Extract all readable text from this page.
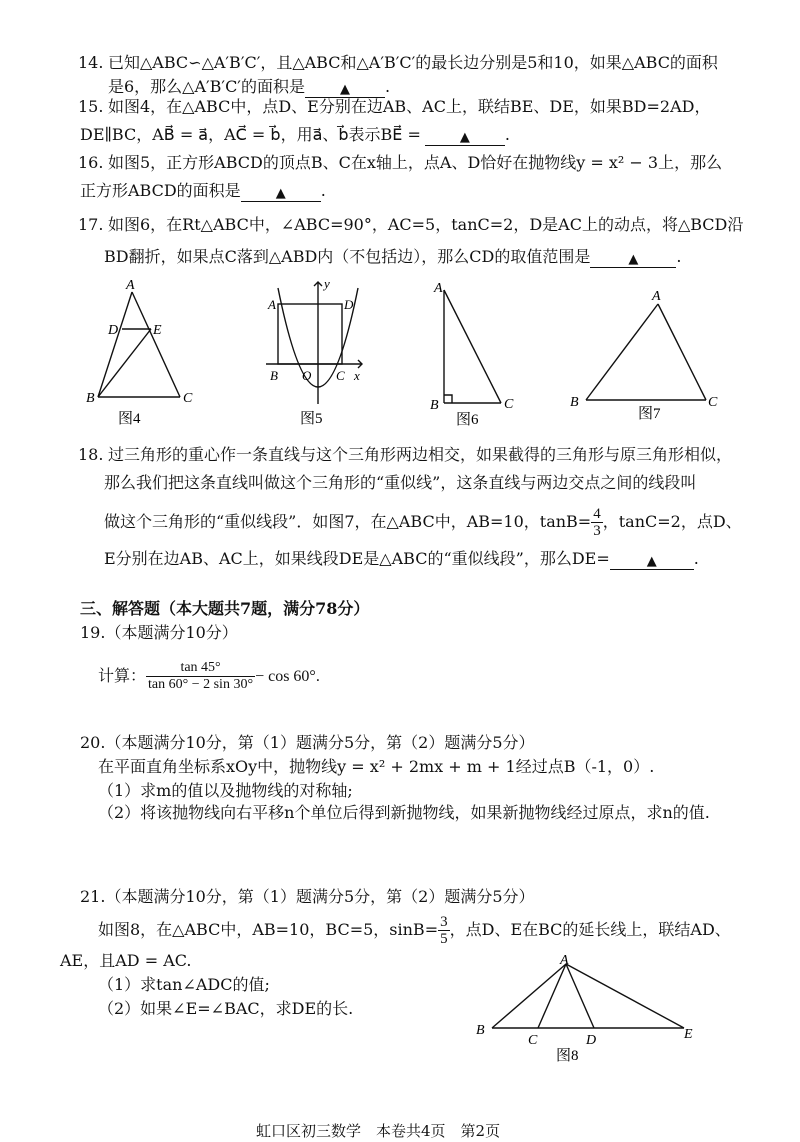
14. 已知△ABC∽△A′B′C′，且△ABC和△A′B′C′的最长边分别是5和10，如果△ABC的面积
是6，那么△A′B′C′的面积是	▲ .
15. 如图4，在△ABC中，点D、E分别在边AB、AC上，联结BE、DE，如果BD=2AD，
DE∥BC，AB⃗ = a⃗，AC⃗ = b⃗，用a⃗、b⃗表示BE⃗ =	▲ .
16. 如图5，正方形ABCD的顶点B、C在x轴上，点A、D恰好在抛物线y = x² − 3上，那么
正方形ABCD的面积是	▲ .
17. 如图6，在Rt△ABC中，∠ABC=90°，AC=5，tanC=2，D是AC上的动点，将△BCD沿
BD翻折，如果点C落到△ABD内（不包括边），那么CD的取值范围是	▲ .
A
D E
B	C
图4
y
A	D
B O C x
图5
A
B	C
图6
A
B	C
图7
18. 过三角形的重心作一条直线与这个三角形两边相交，如果截得的三角形与原三角形相似，
那么我们把这条直线叫做这个三角形的“重似线”，这条直线与两边交点之间的线段叫
做这个三角形的“重似线段”．如图7，在△ABC中，AB=10，$\tan B= \frac{4}{3}$ ，tanC=2，点D、
E分别在边AB、AC上，如果线段DE是△ABC的“重似线段”，那么DE=	▲ .
三、解答题（本大题共7题，满分78分）
19.（本题满分10分）
计算： $\frac{\tan 45^\circ}{\tan 60^\circ - 2 \sin 30^\circ} - \cos 60^\circ$.
20.（本题满分10分，第（1）题满分5分，第（2）题满分5分）
在平面直角坐标系xOy中，抛物线y = x² + 2mx + m + 1经过点B（-1，0）.
（1）求m的值以及抛物线的对称轴;
（2）将该抛物线向右平移n个单位后得到新抛物线，如果新抛物线经过原点，求n的值.
21.（本题满分10分，第（1）题满分5分，第（2）题满分5分）
如图8，在△ABC中，AB=10，BC=5，$\sin B= \frac{3}{5}$ ，点D、E在BC的延长线上，联结AD、
AE，且AD = AC.
（1）求tan∠ADC的值;
（2）如果∠E=∠BAC，求DE的长.
A
B
C	D	E
图8
虹口区初三数学　本卷共4页　第2页
